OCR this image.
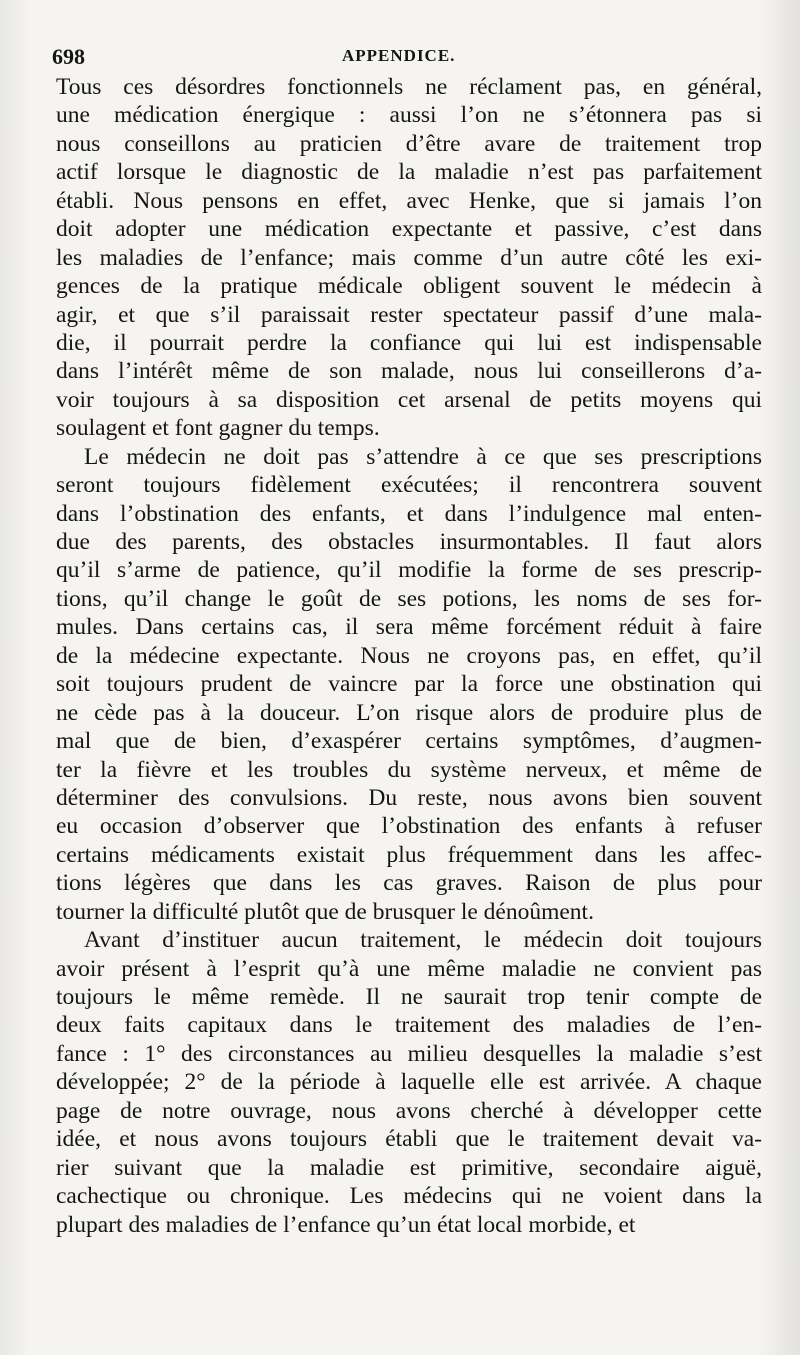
698	APPENDICE.
Tous ces désordres fonctionnels ne réclament pas, en général,
une médication énergique : aussi l’on ne s’étonnera pas si
nous conseillons au praticien d’être avare de traitement trop
actif lorsque le diagnostic de la maladie n’est pas parfaitement
établi. Nous pensons en effet, avec Henke, que si jamais l’on
doit adopter une médication expectante et passive, c’est dans
les maladies de l’enfance; mais comme d’un autre côté les exi-
gences de la pratique médicale obligent souvent le médecin à
agir, et que s’il paraissait rester spectateur passif d’une mala-
die, il pourrait perdre la confiance qui lui est indispensable
dans l’intérêt même de son malade, nous lui conseillerons d’a-
voir toujours à sa disposition cet arsenal de petits moyens qui
soulagent et font gagner du temps.
Le médecin ne doit pas s’attendre à ce que ses prescriptions
seront toujours fidèlement exécutées; il rencontrera souvent
dans l’obstination des enfants, et dans l’indulgence mal enten-
due des parents, des obstacles insurmontables. Il faut alors
qu’il s’arme de patience, qu’il modifie la forme de ses prescrip-
tions, qu’il change le goût de ses potions, les noms de ses for-
mules. Dans certains cas, il sera même forcément réduit à faire
de la médecine expectante. Nous ne croyons pas, en effet, qu’il
soit toujours prudent de vaincre par la force une obstination qui
ne cède pas à la douceur. L’on risque alors de produire plus de
mal que de bien, d’exaspérer certains symptômes, d’augmen-
ter la fièvre et les troubles du système nerveux, et même de
déterminer des convulsions. Du reste, nous avons bien souvent
eu occasion d’observer que l’obstination des enfants à refuser
certains médicaments existait plus fréquemment dans les affec-
tions légères que dans les cas graves. Raison de plus pour
tourner la difficulté plutôt que de brusquer le dénoûment.
Avant d’instituer aucun traitement, le médecin doit toujours
avoir présent à l’esprit qu’à une même maladie ne convient pas
toujours le même remède. Il ne saurait trop tenir compte de
deux faits capitaux dans le traitement des maladies de l’en-
fance : 1° des circonstances au milieu desquelles la maladie s’est
développée; 2° de la période à laquelle elle est arrivée. A chaque
page de notre ouvrage, nous avons cherché à développer cette
idée, et nous avons toujours établi que le traitement devait va-
rier suivant que la maladie est primitive, secondaire aiguë,
cachectique ou chronique. Les médecins qui ne voient dans la
plupart des maladies de l’enfance qu’un état local morbide, et
